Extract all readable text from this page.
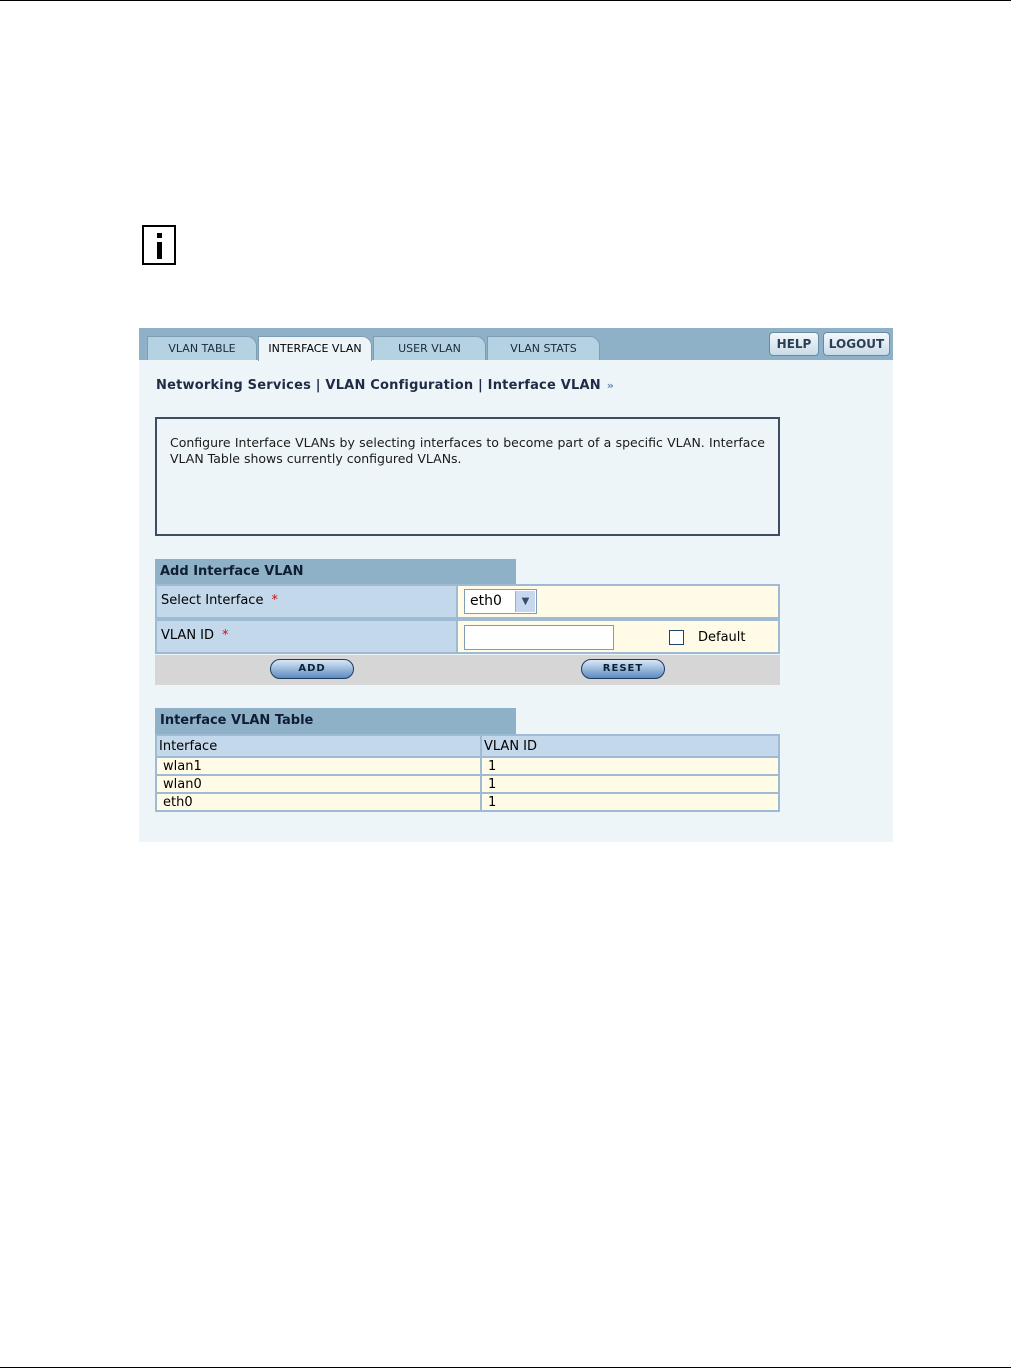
VLAN TABLE	INTERFACE VLAN	USER VLAN	VLAN STATS	HELP	LOGOUT
Networking Services | VLAN Configuration | Interface VLAN »
Configure Interface VLANs by selecting interfaces to become part of a specific VLAN. Interface VLAN Table shows currently configured VLANs.
Add Interface VLAN
Select Interface *	eth0	▼
VLAN ID *	Default
ADD	RESET
Interface VLAN Table
Interface	VLAN ID
wlan1	1
wlan0	1
eth0	1
